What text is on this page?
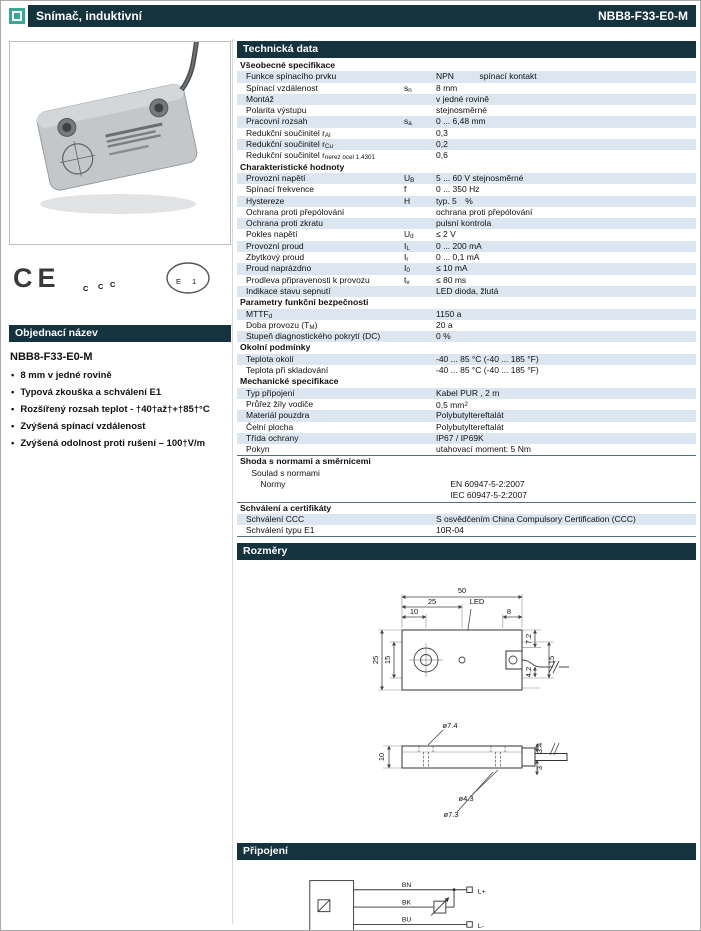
Snímač, induktivní	NBB8-F33-E0-M
CE	C C C	E 1
Objednací název
NBB8-F33-E0-M
• 8 mm v jedné rovině
• Typová zkouška a schválení E1
• Rozšířený rozsah teplot - †40†až†+†85†°C
• Zvýšená spínací vzdálenost
• Zvýšená odolnost proti rušení – 100†V/m
Technická data
Všeobecné specifikace
Funkce spínacího prvku	NPN   spínací kontakt
Spínací vzdálenost	$s_n$	8 mm
Montáž	v jedné rovině
Polarita výstupu	stejnosměrné
Pracovní rozsah	$s_a$	0 ... 6,48 mm
Redukční součinitel $r_{Al}$	0,3
Redukční součinitel $r_{Cu}$	0,2
Redukční součinitel $r_{nerez ocel 1.4301}$	0,6
Charakteristické hodnoty
Provozní napětí	$U_B$	5 ... 60 V stejnosměrné
Spínací frekvence	f	0 ... 350 Hz
Hystereze	H	typ. 5 %
Ochrana proti přepólování	ochrana proti přepólování
Ochrana proti zkratu	pulsní kontrola
Pokles napětí	$U_d$	≤ 2 V
Provozní proud	$I_L$	0 ... 200 mA
Zbytkový proud	$I_r$	0 ... 0,1 mA
Proud naprázdno	$I_0$	≤ 10 mA
Prodleva připravenosti k provozu	$t_v$	≤ 80 ms
Indikace stavu sepnutí	LED dioda, žlutá
Parametry funkční bezpečnosti
$MTTF_d$	1150 a
Doba provozu $(T_M)$	20 a
Stupeň diagnostického pokrytí (DC)	0 %
Okolní podmínky
Teplota okolí	-40 ... 85 °C (-40 ... 185 °F)
Teplota při skladování	-40 ... 85 °C (-40 ... 185 °F)
Mechanické specifikace
Typ připojení	Kabel PUR , 2 m
Průřez žíly vodiče	0,5 $mm^2$
Materiál pouzdra	Polybutyltereftalát
Čelní plocha	Polybutyltereftalát
Třída ochrany	IP67 / IP69K
Pokyn	utahovací moment: 5 Nm
Shoda s normami a směrnicemi
Soulad s normami
Normy	EN 60947-5-2:2007
IEC 60947-5-2:2007
Schválení a certifikáty
Schválení CCC	S osvědčením China Compulsory Certification (CCC)
Schválení typu E1	10R-04
Rozměry
50
25
10
LED
8
25 15
7.2
15
4.2
10
ø7.4
ø4.3
ø7.3
3.4
3
Připojení
BN
BK
BU
L+
L-
